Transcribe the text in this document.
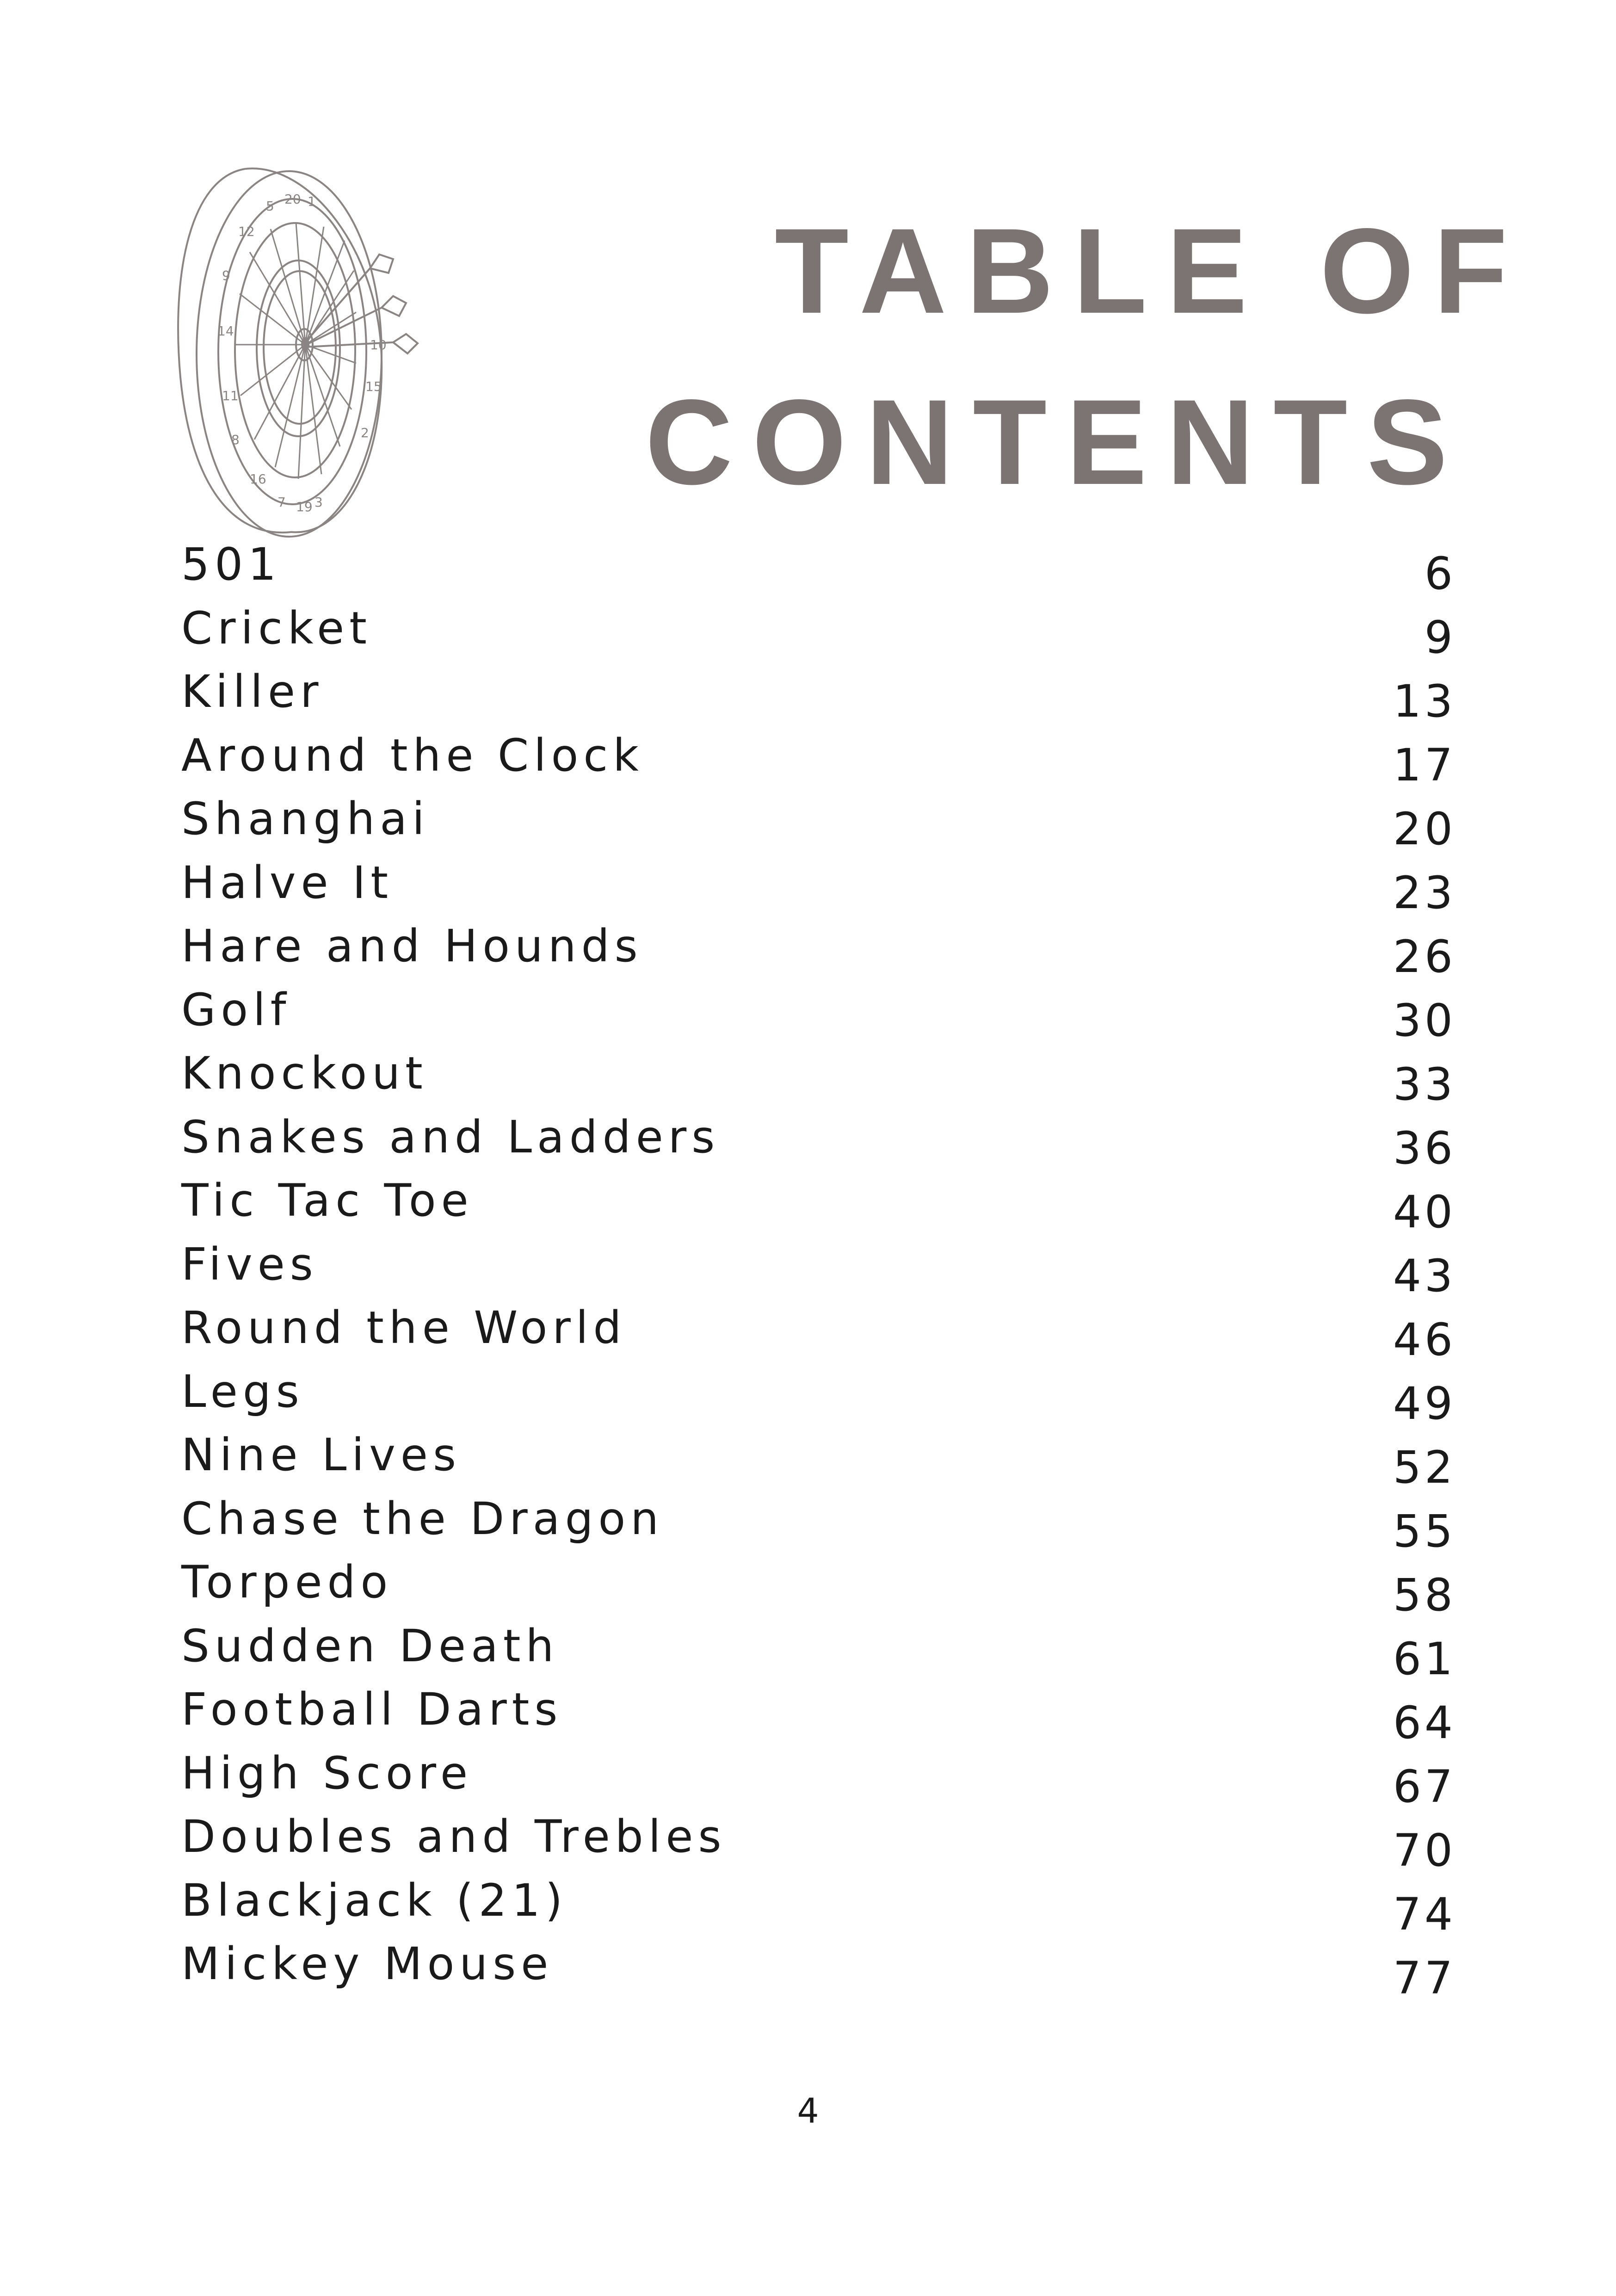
5 20 1
12
9
14
11
8
16
7 19 3
2
15
10
TABLE OF
CONTENTS

501	6

Cricket	9

Killer	13

Around the Clock	17

Shanghai	20

Halve It	23

Hare and Hounds	26

Golf	30

Knockout	33

Snakes and Ladders	36

Tic Tac Toe	40

Fives	43

Round the World	46

Legs	49

Nine Lives	52

Chase the Dragon	55

Torpedo	58

Sudden Death	61

Football Darts	64

High Score	67

Doubles and Trebles	70

Blackjack (21)	74

Mickey Mouse	77

4
